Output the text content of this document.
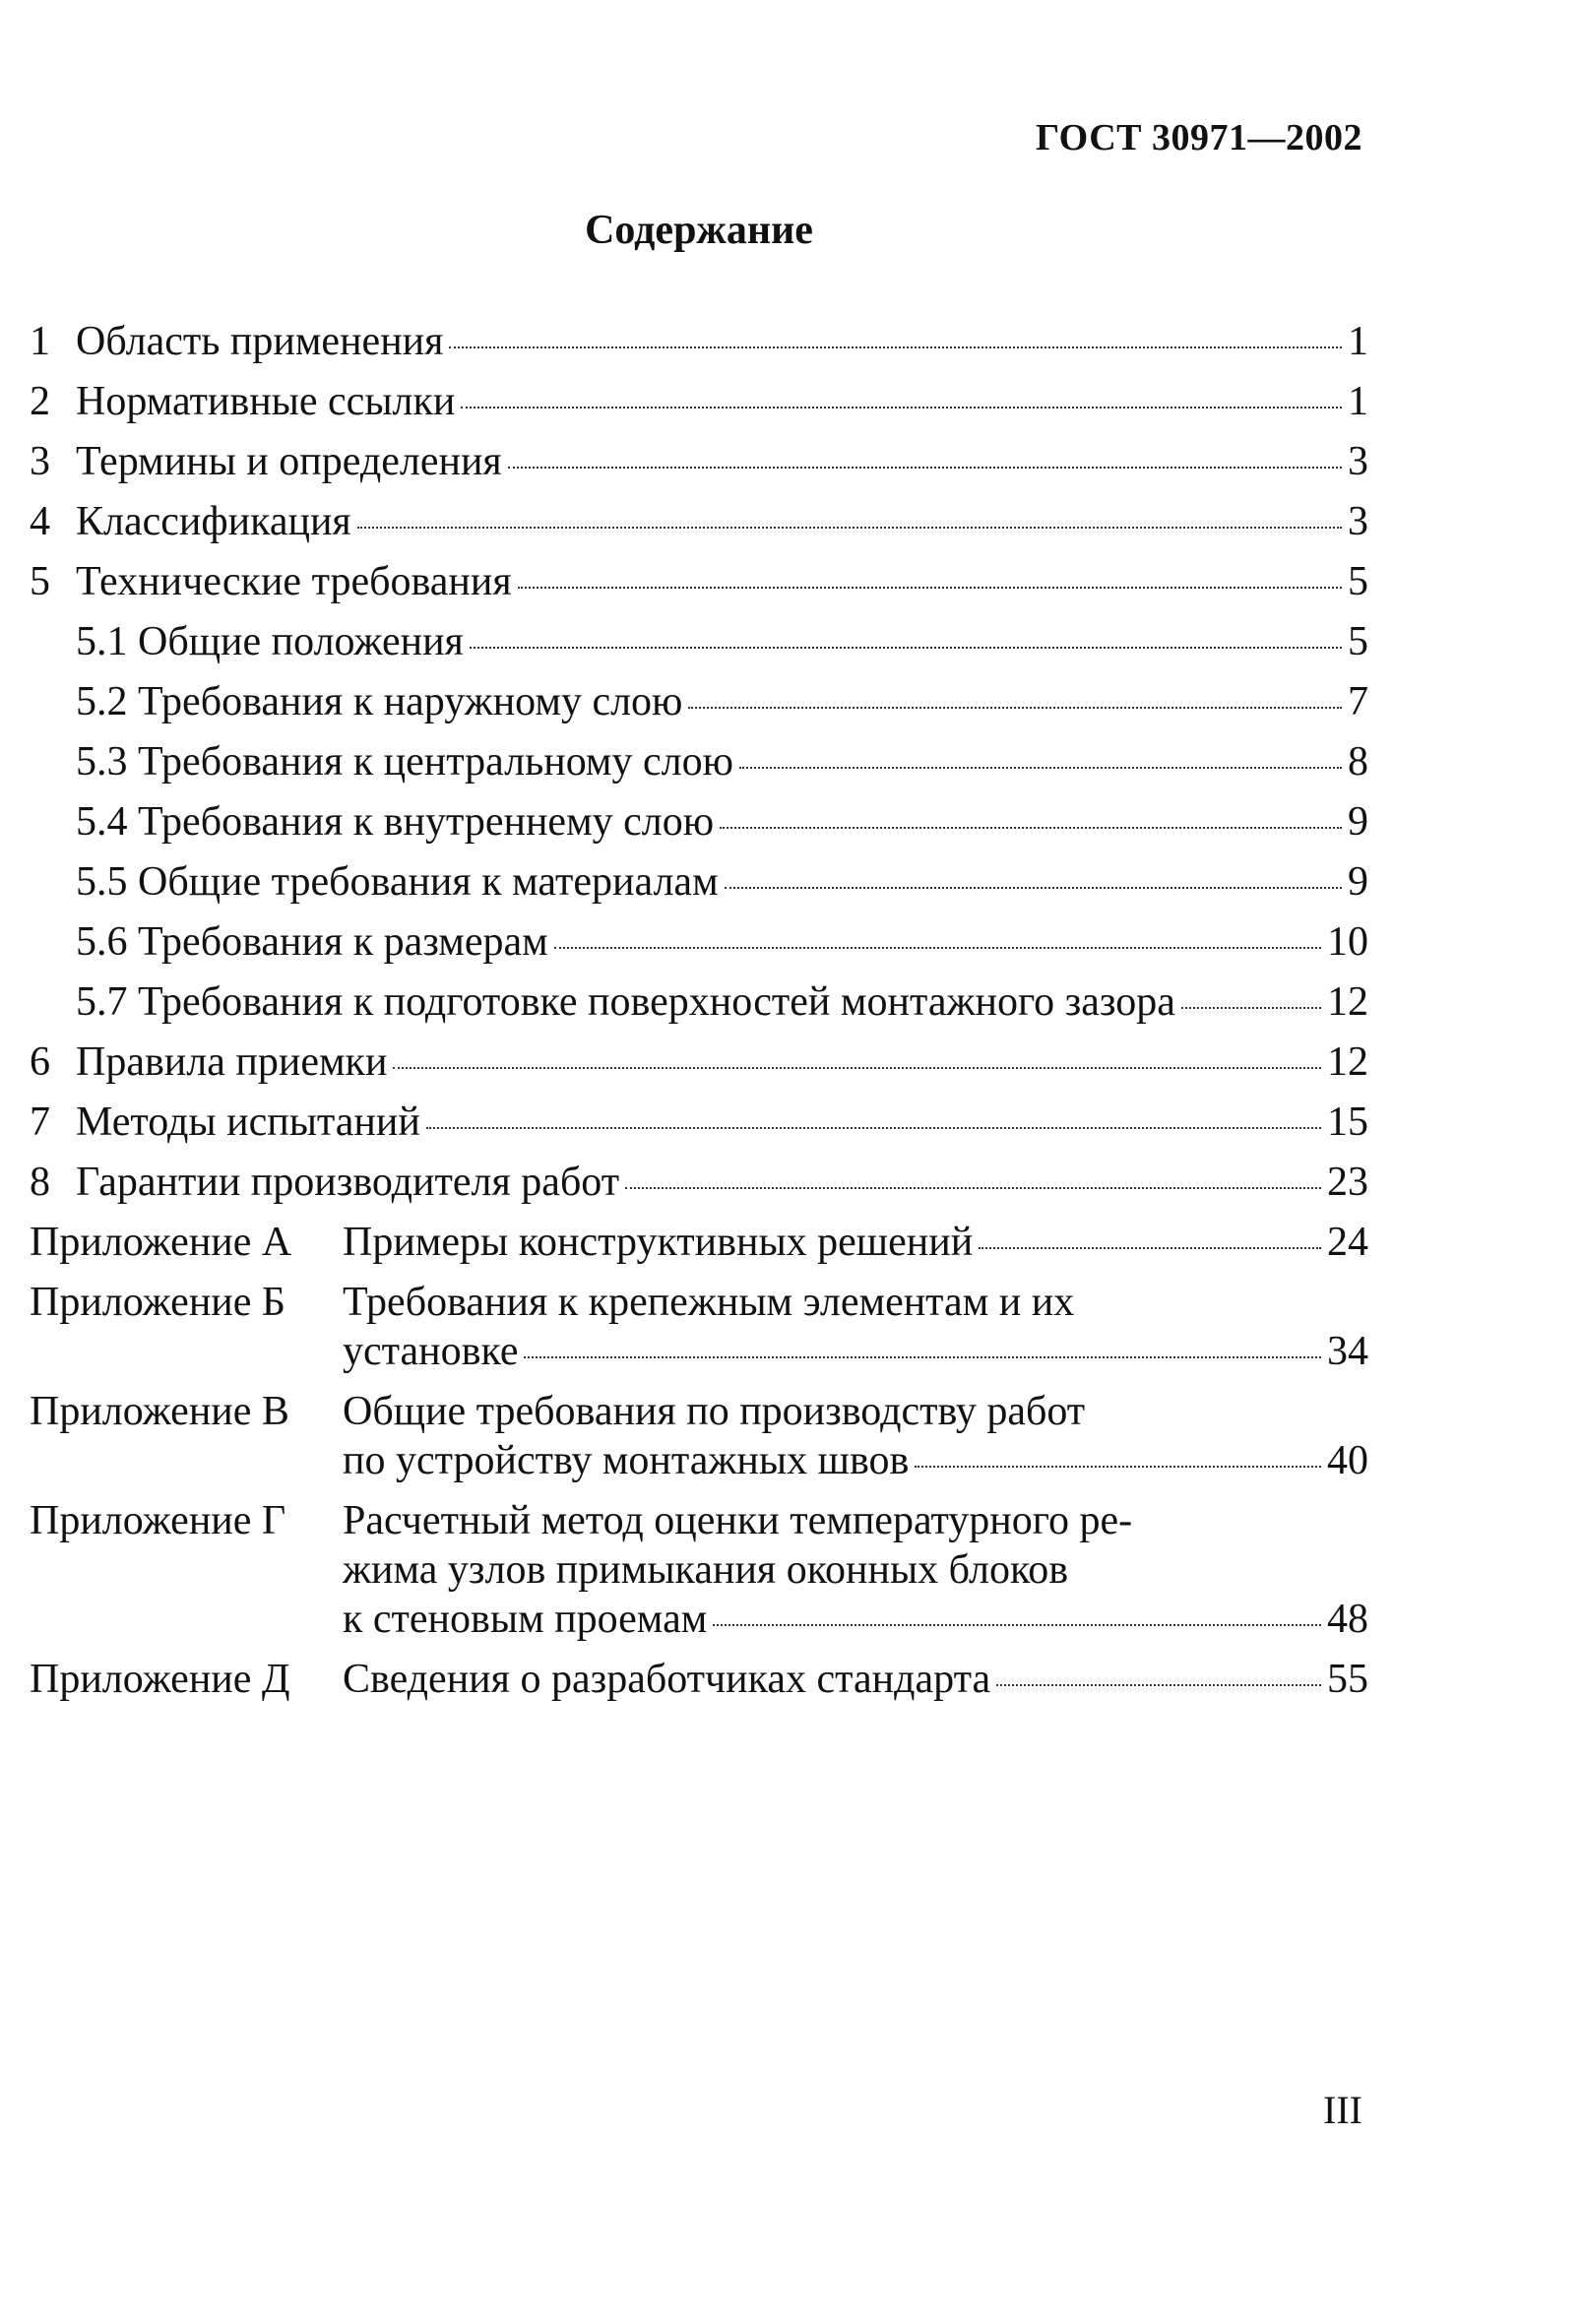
ГОСТ 30971—2002
Содержание
1 Область применения	1
2 Нормативные ссылки	1
3 Термины и определения	3
4 Классификация	3
5 Технические требования	5
5.1 Общие положения	5
5.2 Требования к наружному слою	7
5.3 Требования к центральному слою	8
5.4 Требования к внутреннему слою	9
5.5 Общие требования к материалам	9
5.6 Требования к размерам	10
5.7 Требования к подготовке поверхностей монтажного зазора	12
6 Правила приемки	12
7 Методы испытаний	15
8 Гарантии производителя работ	23
Приложение А	Примеры конструктивных решений	24
Приложение Б	Требования к крепежным элементам и их
установке	34
Приложение В	Общие требования по производству работ
по устройству монтажных швов	40
Приложение Г	Расчетный метод оценки температурного ре-
жима узлов примыкания оконных блоков
к стеновым проемам	48
Приложение Д	Сведения о разработчиках стандарта	55
III
